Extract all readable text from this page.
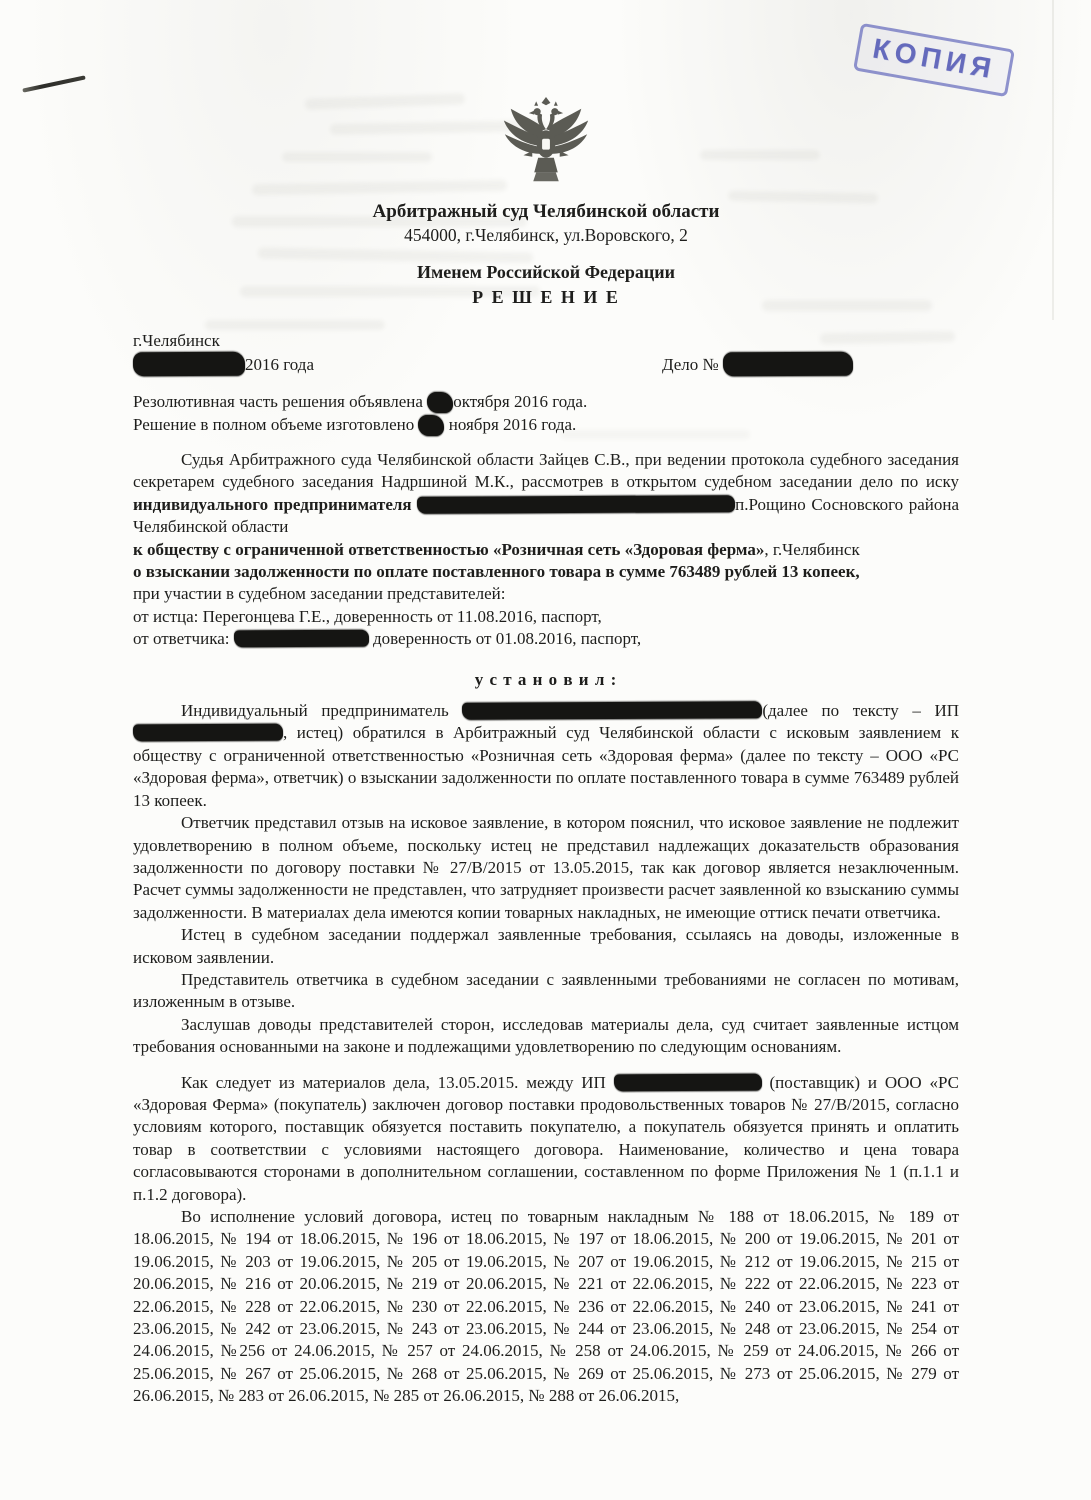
КОПИЯ
Арбитражный суд Челябинской области
454000, г.Челябинск, ул.Воровского, 2
Именем Российской Федерации
Р Е Ш Е Н И Е
г.Челябинск
2016 года	Дело №
Резолютивная часть решения объявлена октября 2016 года.
Решение в полном объеме изготовлено  ноября 2016 года.

Судья Арбитражного суда Челябинской области Зайцев С.В., при ведении протокола судебного заседания секретарем судебного заседания Надршиной М.К., рассмотрев в открытом судебном заседании дело по иску индивидуального предпринимателя	п.Рощино Сосновского района Челябинской области

к обществу с ограниченной ответственностью «Розничная сеть «Здоровая ферма», г.Челябинск

о взыскании задолженности по оплате поставленного товара в сумме 763489 рублей 13 копеек,

при участии в судебном заседании представителей:

от истца: Перегонцева Г.Е., доверенность от 11.08.2016, паспорт,

от ответчика:	доверенность от 01.08.2016, паспорт,

у с т а н о в и л :

Индивидуальный предприниматель	(далее по тексту – ИП , истец) обратился в Арбитражный суд Челябинской области с исковым заявлением к обществу с ограниченной ответственностью «Розничная сеть «Здоровая ферма» (далее по тексту – ООО «РС «Здоровая ферма», ответчик) о взыскании задолженности по оплате поставленного товара в сумме 763489 рублей 13 копеек.

Ответчик представил отзыв на исковое заявление, в котором пояснил, что исковое заявление не подлежит удовлетворению в полном объеме, поскольку истец не представил надлежащих доказательств образования задолженности по договору поставки № 27/В/2015 от 13.05.2015, так как договор является незаключенным. Расчет суммы задолженности не представлен, что затрудняет произвести расчет заявленной ко взысканию суммы задолженности. В материалах дела имеются копии товарных накладных, не имеющие оттиск печати ответчика.

Истец в судебном заседании поддержал заявленные требования, ссылаясь на доводы, изложенные в исковом заявлении.

Представитель ответчика в судебном заседании с заявленными требованиями не согласен по мотивам, изложенным в отзыве.

Заслушав доводы представителей сторон, исследовав материалы дела, суд считает заявленные истцом требования основанными на законе и подлежащими удовлетворению по следующим основаниям.

Как следует из материалов дела, 13.05.2015. между ИП	(поставщик) и ООО «РС «Здоровая Ферма» (покупатель) заключен договор поставки продовольственных товаров № 27/В/2015, согласно условиям которого, поставщик обязуется поставить покупателю, а покупатель обязуется принять и оплатить товар в соответствии с условиями настоящего договора. Наименование, количество и цена товара согласовываются сторонами в дополнительном соглашении, составленном по форме Приложения № 1 (п.1.1 и п.1.2 договора).

Во исполнение условий договора, истец по товарным накладным № 188 от 18.06.2015, № 189 от 18.06.2015, № 194 от 18.06.2015, № 196 от 18.06.2015, № 197 от 18.06.2015, № 200 от 19.06.2015, № 201 от 19.06.2015, № 203 от 19.06.2015, № 205 от 19.06.2015, № 207 от 19.06.2015, № 212 от 19.06.2015, № 215 от 20.06.2015, № 216 от 20.06.2015, № 219 от 20.06.2015, № 221 от 22.06.2015, № 222 от 22.06.2015, № 223 от 22.06.2015, № 228 от 22.06.2015, № 230 от 22.06.2015, № 236 от 22.06.2015, № 240 от 23.06.2015, № 241 от 23.06.2015, № 242 от 23.06.2015, № 243 от 23.06.2015, № 244 от 23.06.2015, № 248 от 23.06.2015, № 254 от 24.06.2015, №256 от 24.06.2015, № 257 от 24.06.2015, № 258 от 24.06.2015, № 259 от 24.06.2015, № 266 от 25.06.2015, № 267 от 25.06.2015, № 268 от 25.06.2015, № 269 от 25.06.2015, № 273 от 25.06.2015, № 279 от 26.06.2015, № 283 от 26.06.2015, № 285 от 26.06.2015, № 288 от 26.06.2015,
